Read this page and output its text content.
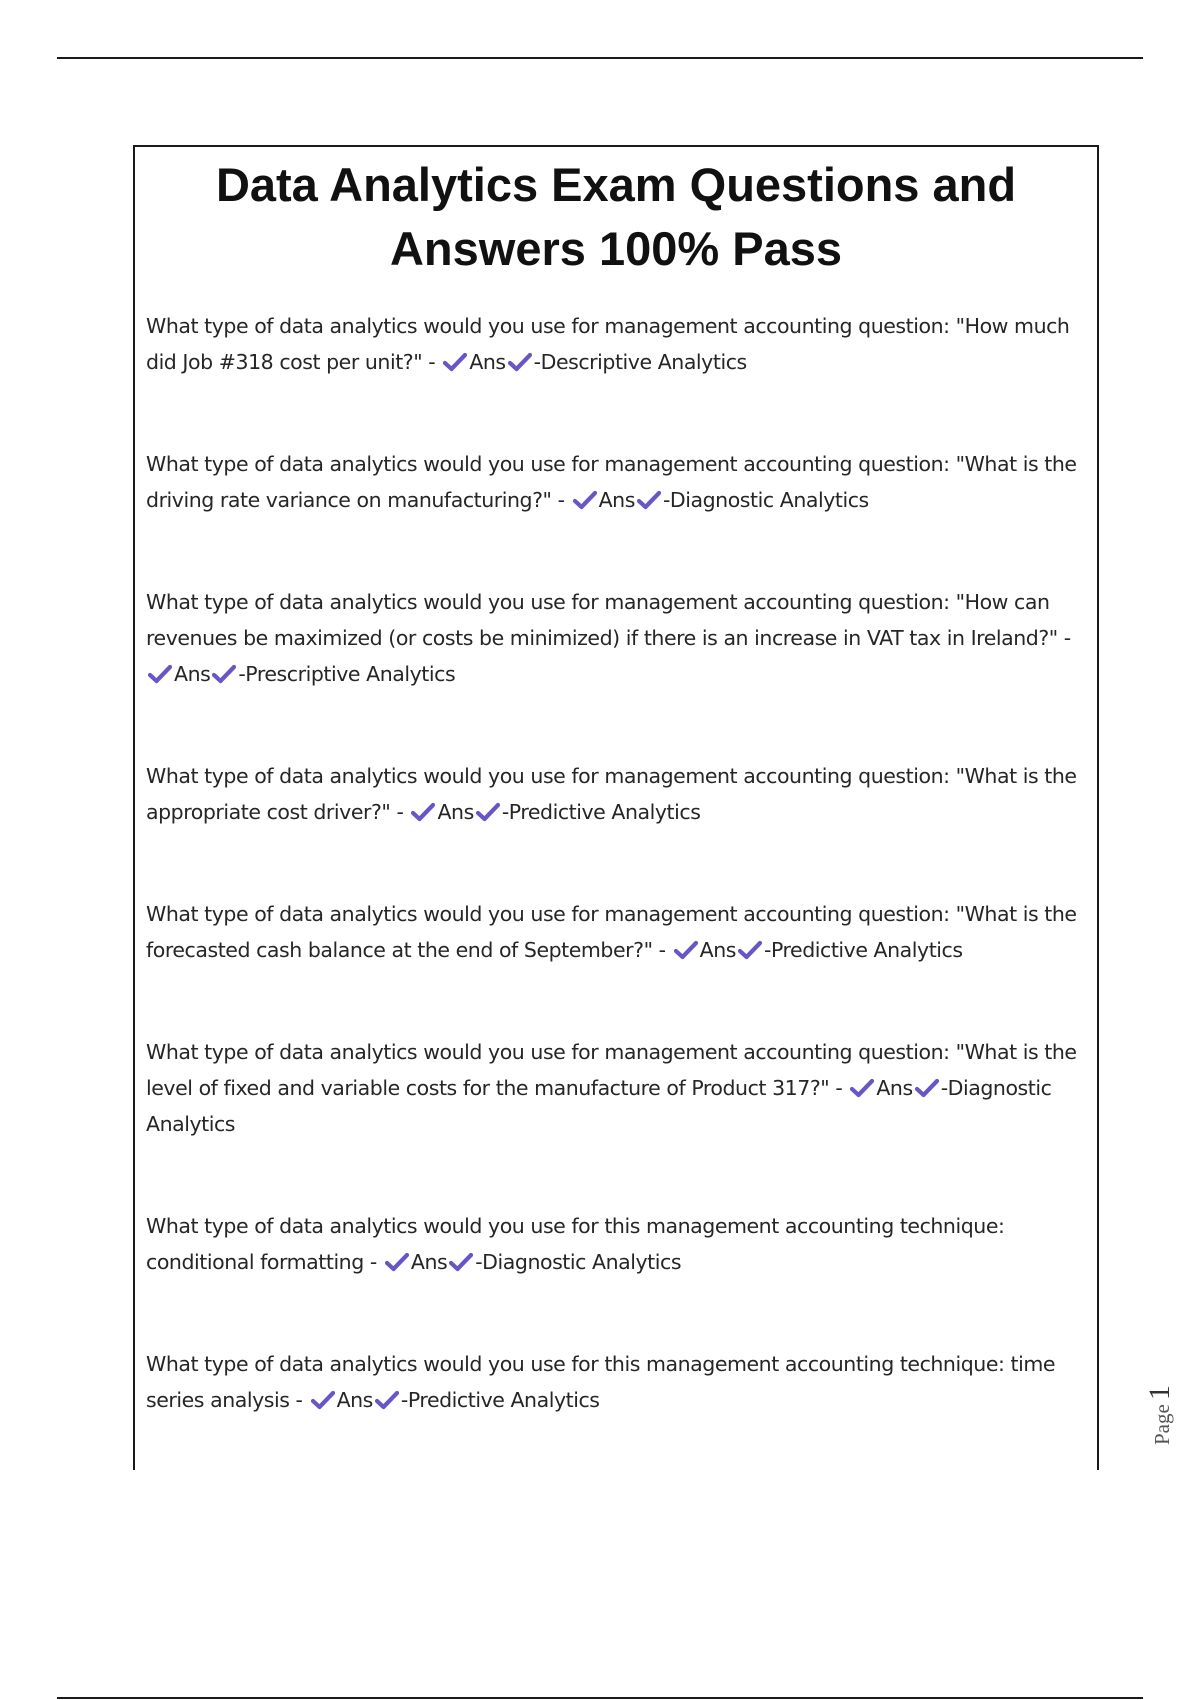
Data Analytics Exam Questions and Answers 100% Pass

What type of data analytics would you use for management accounting question: "How much did Job #318 cost per unit?" -
Ans -Descriptive Analytics

What type of data analytics would you use for management accounting question: "What is the driving rate variance on manufacturing?" -
Ans -Diagnostic Analytics

What type of data analytics would you use for management accounting question: "How can revenues be maximized (or costs be minimized) if there is an increase in VAT tax in Ireland?" -
Ans -Prescriptive Analytics

What type of data analytics would you use for management accounting question: "What is the appropriate cost driver?" -
Ans -Predictive Analytics

What type of data analytics would you use for management accounting question: "What is the forecasted cash balance at the end of September?" -
Ans -Predictive Analytics

What type of data analytics would you use for management accounting question: "What is the level of fixed and variable costs for the manufacture of Product 317?" -
Ans -Diagnostic Analytics

What type of data analytics would you use for this management accounting technique: conditional formatting -
Ans -Diagnostic Analytics

What type of data analytics would you use for this management accounting technique: time series analysis -
Ans -Predictive Analytics

Page 1
